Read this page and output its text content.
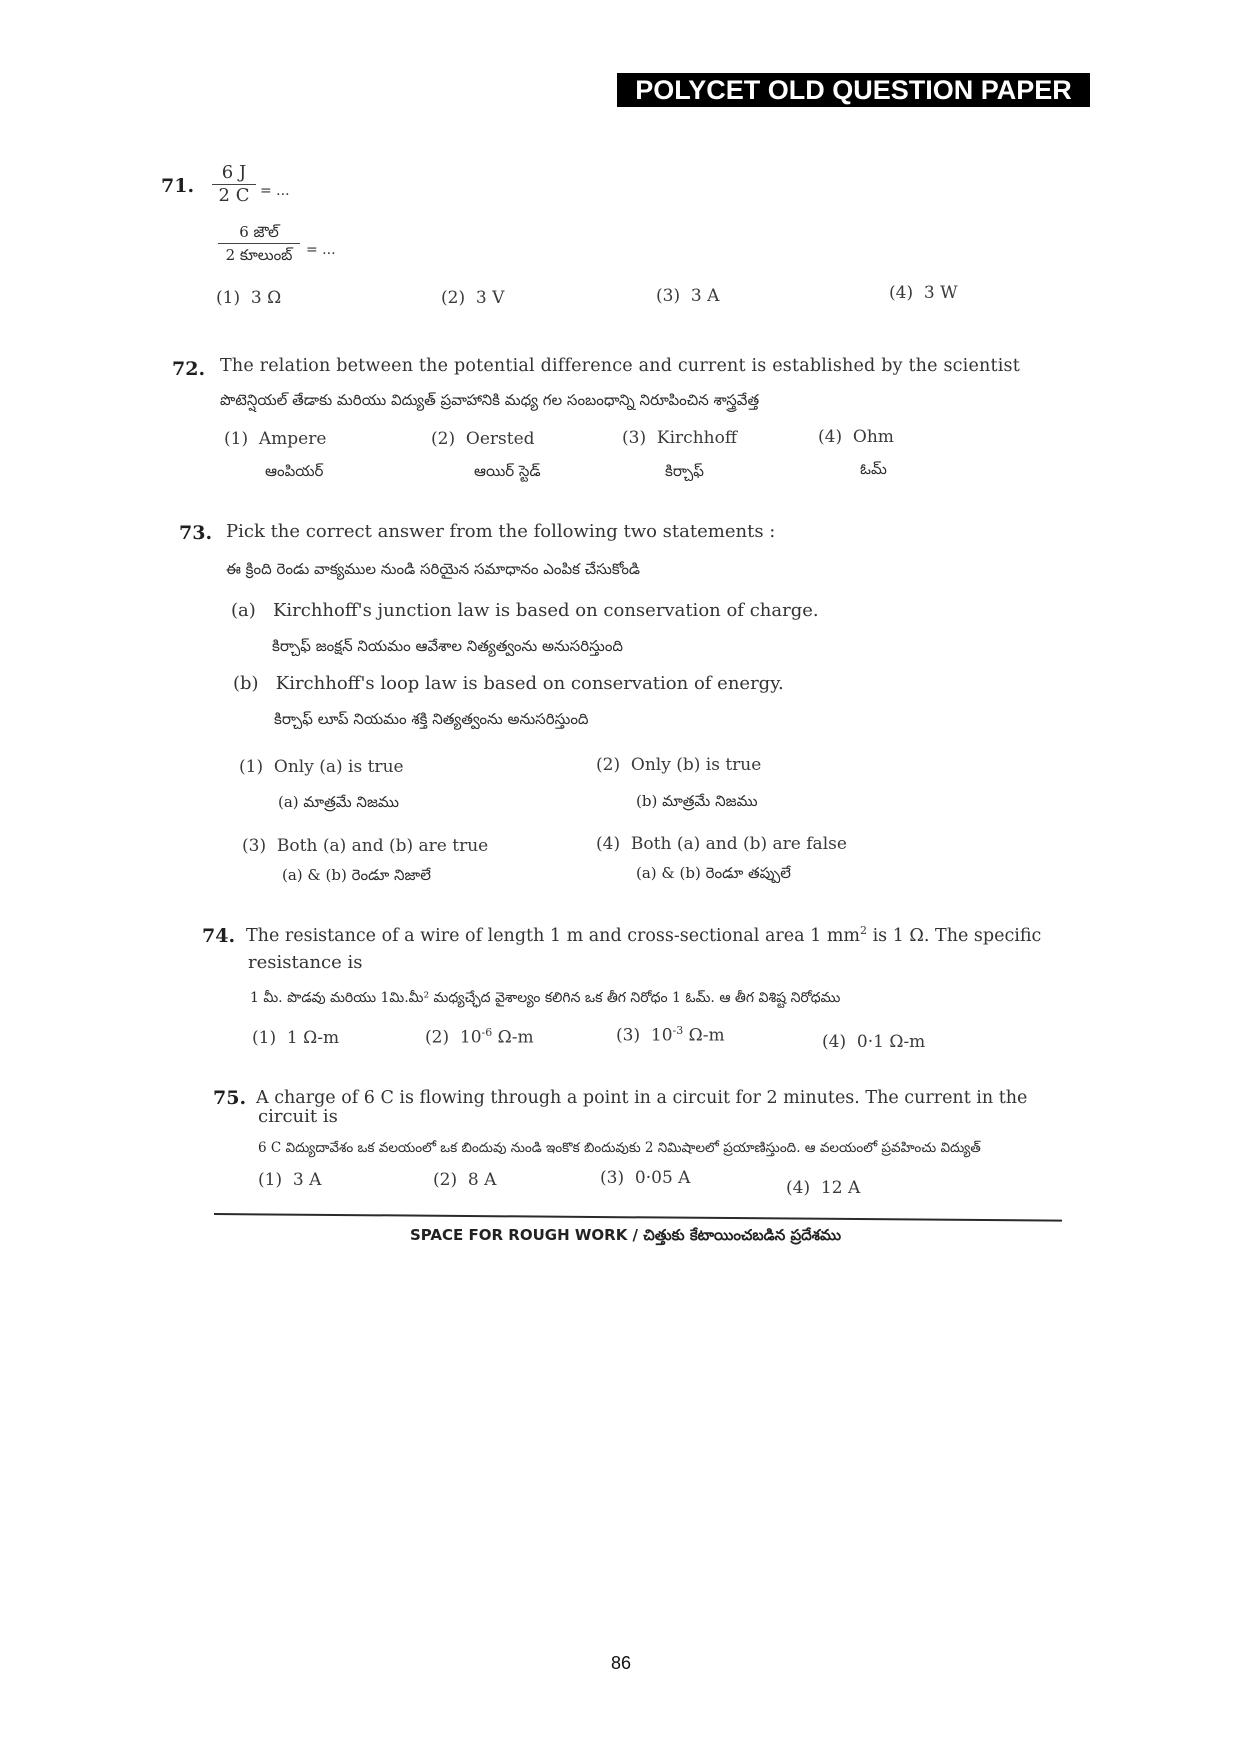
POLYCET OLD QUESTION PAPER
71.
6 J
2 C = ...
6 జౌల్
2 కూలుంబ్ = ...
(1) 3 Ω	(2) 3 V	(3) 3 A	(4) 3 W
72. The relation between the potential difference and current is established by the scientist
పొటెన్షియల్ తేడాకు మరియు విద్యుత్ ప్రవాహానికి మధ్య గల సంబంధాన్ని నిరూపించిన శాస్త్రవేత్త
(1) Ampere
ఆంపియర్
(2) Oersted
ఆయిర్ స్టెడ్
(3) Kirchhoff
కిర్చాఫ్
(4) Ohm
ఓమ్
73. Pick the correct answer from the following two statements :
ఈ క్రింది రెండు వాక్యముల నుండి సరియైన సమాధానం ఎంపిక చేసుకోండి
(a) Kirchhoff's junction law is based on conservation of charge.
కిర్చాఫ్ జంక్షన్ నియమం ఆవేశాల నిత్యత్వంను అనుసరిస్తుంది
(b) Kirchhoff's loop law is based on conservation of energy.
కిర్చాఫ్ లూప్ నియమం శక్తి నిత్యత్వంను అనుసరిస్తుంది
(1) Only (a) is true
(a) మాత్రమే నిజము
(2) Only (b) is true
(b) మాత్రమే నిజము
(3) Both (a) and (b) are true
(a) & (b) రెండూ నిజాలే
(4) Both (a) and (b) are false
(a) & (b) రెండూ తప్పులే
74. The resistance of a wire of length 1 m and cross-sectional area 1 $mm^2$ is 1 Ω. The specific
resistance is
1 మీ. పొడవు మరియు 1మి.మీ² మధ్యచ్ఛేద వైశాల్యం కలిగిన ఒక తీగ నిరోధం 1 ఓమ్. ఆ తీగ విశిష్ట నిరోధము
(1) 1 Ω-m	(2) $10^{-6}$ Ω-m	(3) $10^{-3}$ Ω-m	(4) 0·1 Ω-m
75. A charge of 6 C is flowing through a point in a circuit for 2 minutes. The current in the
circuit is
6 C విద్యుదావేశం ఒక వలయంలో ఒక బిందువు నుండి ఇంకొక బిందువుకు 2 నిమిషాలలో ప్రయాణిస్తుంది. ఆ వలయంలో ప్రవహించు విద్యుత్
(1) 3 A	(2) 8 A	(3) 0·05 A	(4) 12 A
SPACE FOR ROUGH WORK / చిత్తుకు కేటాయించబడిన ప్రదేశము
86
